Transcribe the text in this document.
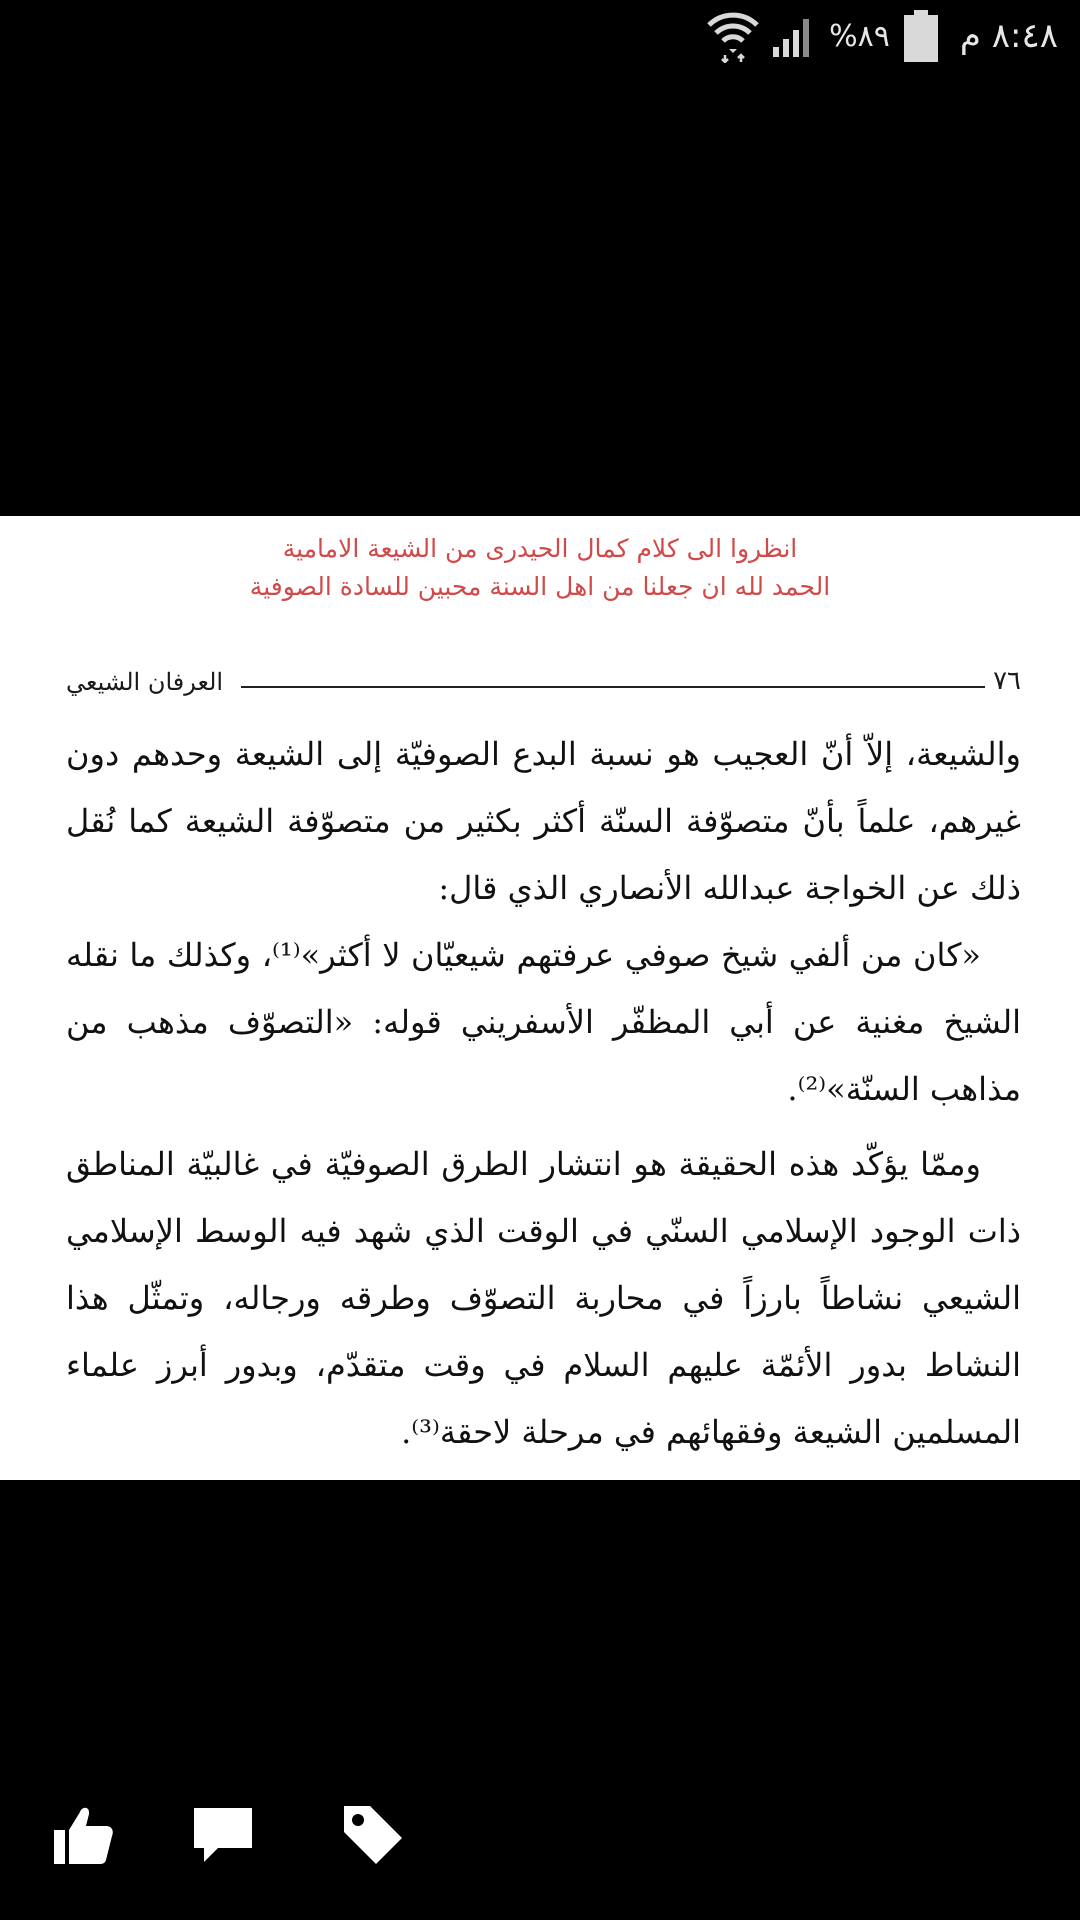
٨:٤٨ م
٨٩%
انظروا الى كلام كمال الحيدرى من الشيعة الامامية
الحمد لله ان جعلنا من اهل السنة محبين للسادة الصوفية
٧٦
العرفان الشيعي

والشيعة، إلاّ أنّ العجيب هو نسبة البدع الصوفيّة إلى الشيعة وحدهم دون غيرهم، علماً بأنّ متصوّفة السنّة أكثر بكثير من متصوّفة الشيعة كما نُقل ذلك عن الخواجة عبدالله الأنصاري الذي قال:

«كان من ألفي شيخ صوفي عرفتهم شيعيّان لا أكثر»⁽¹⁾، وكذلك ما نقله الشيخ مغنية عن أبي المظفّر الأسفريني قوله: «التصوّف مذهب من مذاهب السنّة»⁽²⁾.

وممّا يؤكّد هذه الحقيقة هو انتشار الطرق الصوفيّة في غالبيّة المناطق ذات الوجود الإسلامي السنّي في الوقت الذي شهد فيه الوسط الإسلامي الشيعي نشاطاً بارزاً في محاربة التصوّف وطرقه ورجاله، وتمثّل هذا النشاط بدور الأئمّة عليهم السلام في وقت متقدّم، وبدور أبرز علماء المسلمين الشيعة وفقهائهم في مرحلة لاحقة⁽³⁾.
